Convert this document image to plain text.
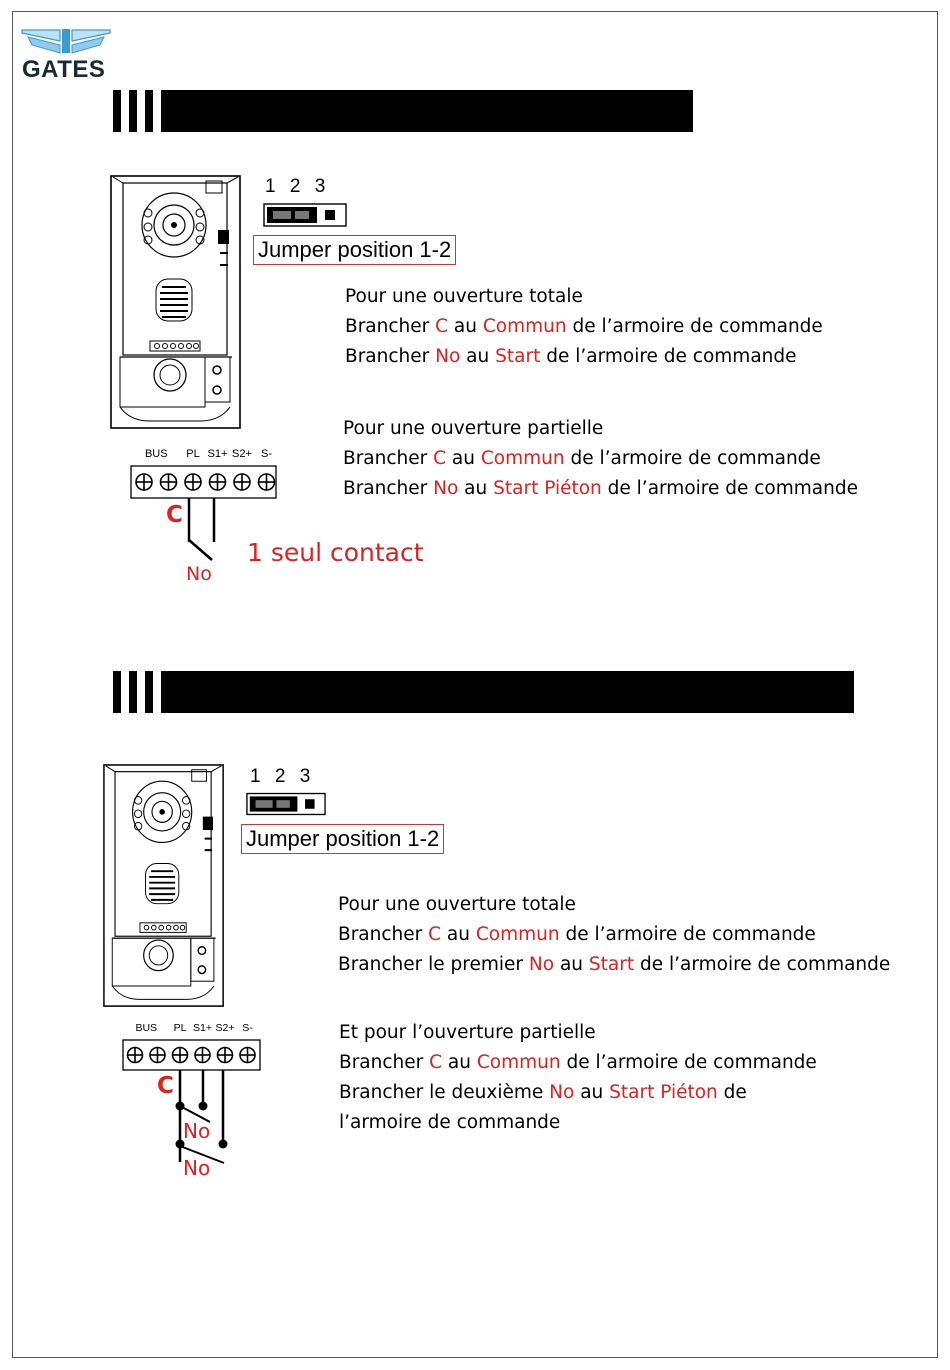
GATES
1 2 3
Jumper position 1-2
BUS	PL S1+ S2+ S-
C
No
1 seul contact
Pour une ouverture totale
Brancher C au Commun de l’armoire de commande
Brancher No au Start de l’armoire de commande
Pour une ouverture partielle
Brancher C au Commun de l’armoire de commande
Brancher No au Start Piéton de l’armoire de commande
1 2 3
Jumper position 1-2
BUS	PL S1+ S2+ S-
C
No
No
Pour une ouverture totale
Brancher C au Commun de l’armoire de commande
Brancher le premier No au Start de l’armoire de commande
Et pour l’ouverture partielle
Brancher C au Commun de l’armoire de commande
Brancher le deuxième No au Start Piéton de
l’armoire de commande
